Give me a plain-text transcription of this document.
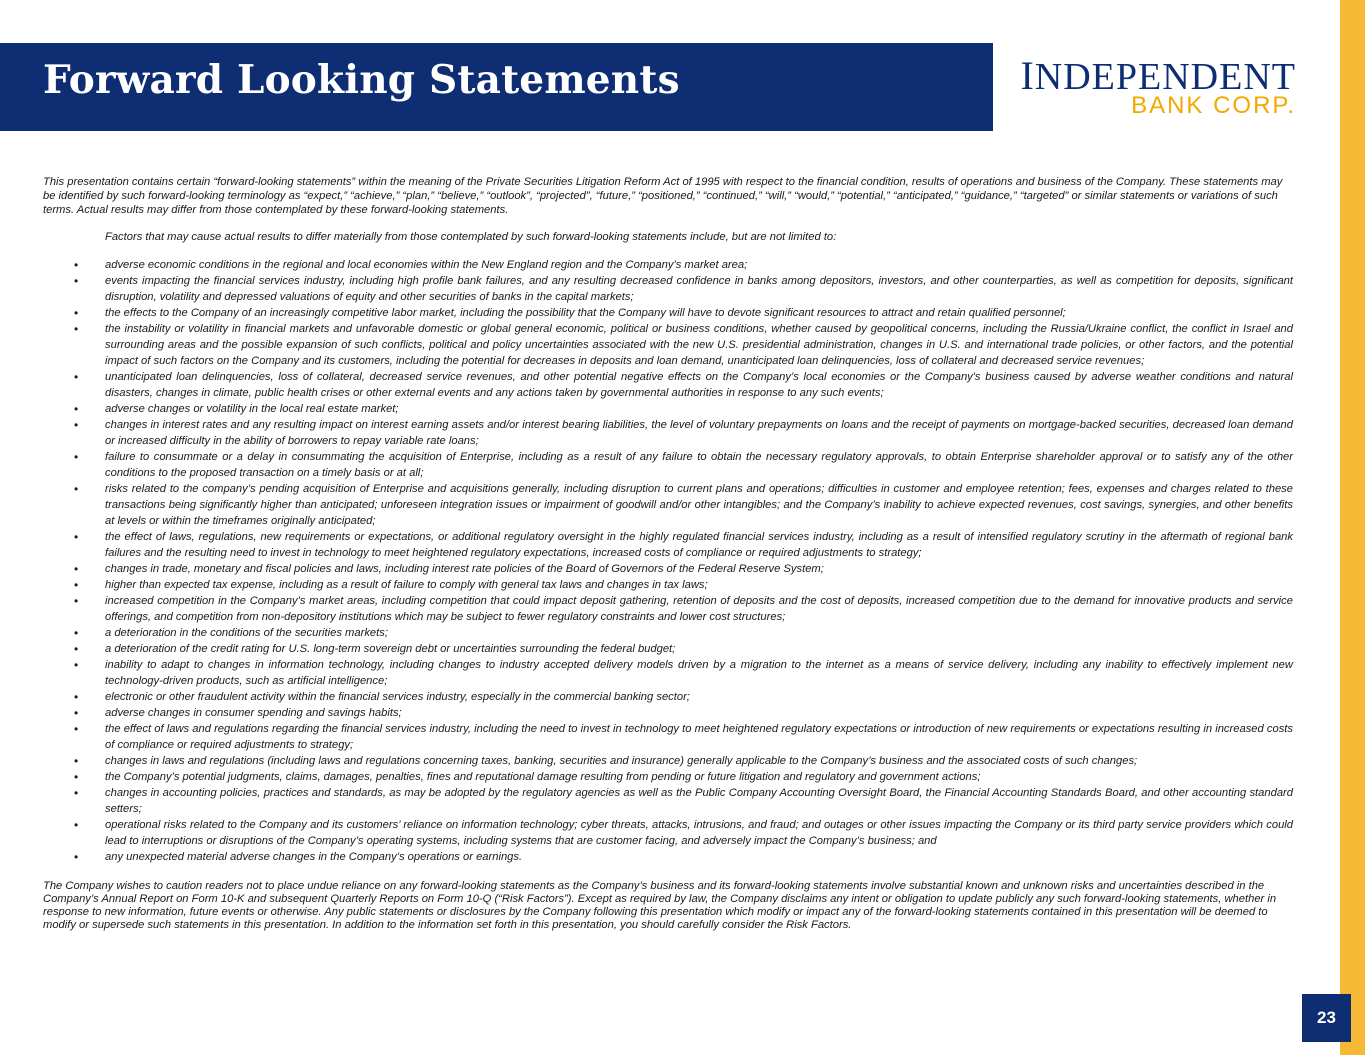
Forward Looking Statements	INDEPENDENT
BANK CORP.

This presentation contains certain “forward-looking statements” within the meaning of the Private Securities Litigation Reform Act of 1995 with respect to the financial condition, results of operations and business of the Company. These statements may be identified by such forward-looking terminology as “expect,” “achieve,” “plan,” “believe,” “outlook”, “projected”, “future,” “positioned,” “continued,” “will,” “would,” “potential,” “anticipated,” “guidance,” “targeted” or similar statements or variations of such terms. Actual results may differ from those contemplated by these forward-looking statements.

Factors that may cause actual results to differ materially from those contemplated by such forward-looking statements include, but are not limited to:

• adverse economic conditions in the regional and local economies within the New England region and the Company’s market area;
• events impacting the financial services industry, including high profile bank failures, and any resulting decreased confidence in banks among depositors, investors, and other counterparties, as well as competition for deposits, significant disruption, volatility and depressed valuations of equity and other securities of banks in the capital markets;
• the effects to the Company of an increasingly competitive labor market, including the possibility that the Company will have to devote significant resources to attract and retain qualified personnel;
• the instability or volatility in financial markets and unfavorable domestic or global general economic, political or business conditions, whether caused by geopolitical concerns, including the Russia/Ukraine conflict, the conflict in Israel and surrounding areas and the possible expansion of such conflicts, political and policy uncertainties associated with the new U.S. presidential administration, changes in U.S. and international trade policies, or other factors, and the potential impact of such factors on the Company and its customers, including the potential for decreases in deposits and loan demand, unanticipated loan delinquencies, loss of collateral and decreased service revenues;
• unanticipated loan delinquencies, loss of collateral, decreased service revenues, and other potential negative effects on the Company’s local economies or the Company's business caused by adverse weather conditions and natural disasters, changes in climate, public health crises or other external events and any actions taken by governmental authorities in response to any such events;
• adverse changes or volatility in the local real estate market;
• changes in interest rates and any resulting impact on interest earning assets and/or interest bearing liabilities, the level of voluntary prepayments on loans and the receipt of payments on mortgage-backed securities, decreased loan demand or increased difficulty in the ability of borrowers to repay variable rate loans;
• failure to consummate or a delay in consummating the acquisition of Enterprise, including as a result of any failure to obtain the necessary regulatory approvals, to obtain Enterprise shareholder approval or to satisfy any of the other conditions to the proposed transaction on a timely basis or at all;
• risks related to the company’s pending acquisition of Enterprise and acquisitions generally, including disruption to current plans and operations; difficulties in customer and employee retention; fees, expenses and charges related to these transactions being significantly higher than anticipated; unforeseen integration issues or impairment of goodwill and/or other intangibles; and the Company’s inability to achieve expected revenues, cost savings, synergies, and other benefits at levels or within the timeframes originally anticipated;
• the effect of laws, regulations, new requirements or expectations, or additional regulatory oversight in the highly regulated financial services industry, including as a result of intensified regulatory scrutiny in the aftermath of regional bank failures and the resulting need to invest in technology to meet heightened regulatory expectations, increased costs of compliance or required adjustments to strategy;
• changes in trade, monetary and fiscal policies and laws, including interest rate policies of the Board of Governors of the Federal Reserve System;
• higher than expected tax expense, including as a result of failure to comply with general tax laws and changes in tax laws;
• increased competition in the Company’s market areas, including competition that could impact deposit gathering, retention of deposits and the cost of deposits, increased competition due to the demand for innovative products and service offerings, and competition from non-depository institutions which may be subject to fewer regulatory constraints and lower cost structures;
• a deterioration in the conditions of the securities markets;
• a deterioration of the credit rating for U.S. long-term sovereign debt or uncertainties surrounding the federal budget;
• inability to adapt to changes in information technology, including changes to industry accepted delivery models driven by a migration to the internet as a means of service delivery, including any inability to effectively implement new technology-driven products, such as artificial intelligence;
• electronic or other fraudulent activity within the financial services industry, especially in the commercial banking sector;
• adverse changes in consumer spending and savings habits;
• the effect of laws and regulations regarding the financial services industry, including the need to invest in technology to meet heightened regulatory expectations or introduction of new requirements or expectations resulting in increased costs of compliance or required adjustments to strategy;
• changes in laws and regulations (including laws and regulations concerning taxes, banking, securities and insurance) generally applicable to the Company’s business and the associated costs of such changes;
• the Company’s potential judgments, claims, damages, penalties, fines and reputational damage resulting from pending or future litigation and regulatory and government actions;
• changes in accounting policies, practices and standards, as may be adopted by the regulatory agencies as well as the Public Company Accounting Oversight Board, the Financial Accounting Standards Board, and other accounting standard setters;
• operational risks related to the Company and its customers’ reliance on information technology; cyber threats, attacks, intrusions, and fraud; and outages or other issues impacting the Company or its third party service providers which could lead to interruptions or disruptions of the Company’s operating systems, including systems that are customer facing, and adversely impact the Company’s business; and
• any unexpected material adverse changes in the Company’s operations or earnings.

The Company wishes to caution readers not to place undue reliance on any forward-looking statements as the Company’s business and its forward-looking statements involve substantial known and unknown risks and uncertainties described in the Company’s Annual Report on Form 10-K and subsequent Quarterly Reports on Form 10-Q (“Risk Factors”). Except as required by law, the Company disclaims any intent or obligation to update publicly any such forward-looking statements, whether in response to new information, future events or otherwise. Any public statements or disclosures by the Company following this presentation which modify or impact any of the forward-looking statements contained in this presentation will be deemed to modify or supersede such statements in this presentation. In addition to the information set forth in this presentation, you should carefully consider the Risk Factors.

23
